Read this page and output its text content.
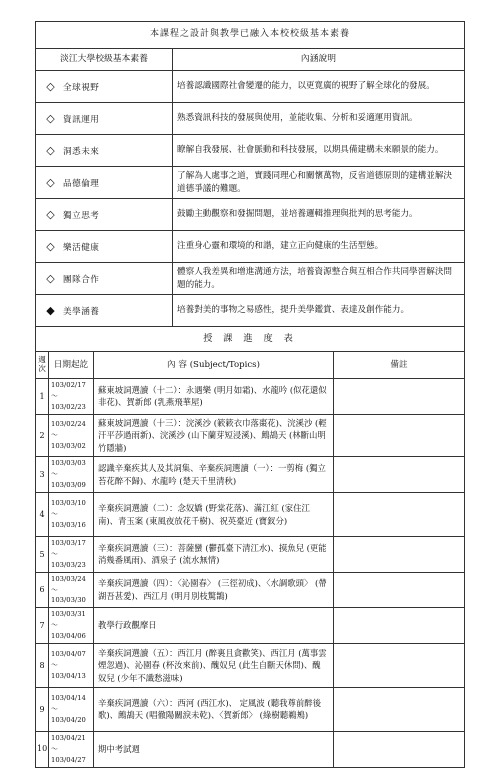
本課程之設計與教學已融入本校校級基本素養	
淡江大學校級基本素養	內涵說明
◇ 全球視野	培養認識國際社會變遷的能力，以更寬廣的視野了解全球化的發展。
◇ 資訊運用	熟悉資訊科技的發展與使用，並能收集、分析和妥適運用資訊。
◇ 洞悉未來	瞭解自我發展、社會脈動和科技發展，以期具備建構未來願景的能力。
◇ 品德倫理	了解為人處事之道，實踐同理心和關懷萬物，反省道德原則的建構並解決道德爭議的難題。
◇ 獨立思考	鼓勵主動觀察和發掘問題，並培養邏輯推理與批判的思考能力。
◇ 樂活健康	注重身心靈和環境的和諧，建立正向健康的生活型態。
◇ 團隊合作	體察人我差異和增進溝通方法，培養資源整合與互相合作共同學習解決問題的能力。
◆ 美學涵養	培養對美的事物之易感性，提升美學鑑賞、表達及創作能力。
授 課 進 度 表			
週次	日期起訖	內 容 (Subject/Topics)	備註
1	103/02/17～103/02/23	蘇東坡詞選讀（十二）：永遇樂 (明月如霜)、水龍吟 (似花還似非花)、賀新郎 (乳燕飛華屋)	
2	103/02/24～103/03/02	蘇東坡詞選讀（十三）：浣溪沙 (簌簌衣巾落棗花)、浣溪沙 (輕汗平莎過雨新)、浣溪沙 (山下蘭芽短浸溪)、鷓鴣天 (林斷山明竹隱牆)	
3	103/03/03～103/03/09	認識辛棄疾其人及其詞集、辛棄疾詞選讀（一）：一剪梅 (獨立苔花醉不歸)、水龍吟 (楚天千里清秋)	
4	103/03/10～103/03/16	辛棄疾詞選讀（二）：念奴嬌 (野棠花落)、滿江紅 (家住江南)、青玉案 (東風夜放花千樹)、祝英臺近 (寶釵分)	
5	103/03/17～103/03/23	辛棄疾詞選讀（三）：菩薩蠻 (鬱孤臺下清江水)、摸魚兒 (更能消幾番風雨)、酒泉子 (流水無情)	
6	103/03/24～103/03/30	辛棄疾詞選讀（四）：〈沁園春〉 (三徑初成)、〈水調歌頭〉 (帶湖吾甚愛)、西江月 (明月別枝驚鵲)	
7	103/03/31～103/04/06	教學行政觀摩日	
8	103/04/07～103/04/13	辛棄疾詞選讀（五）：西江月 (醉裏且貪歡笑)、西江月 (萬事雲煙忽過)、沁園春 (杯汝來前)、醜奴兒 (此生自斷天休問)、醜奴兒 (少年不識愁滋味)	
9	103/04/14～103/04/20	辛棄疾詞選讀（六）：西河 (西江水)、 定風波 (聽我尊前醉後歌)、鷓鴣天 (唱徹陽關淚未乾)、〈賀新郎〉 (綠樹聽鵜鴂)	
10	103/04/21～103/04/27	期中考試週	
